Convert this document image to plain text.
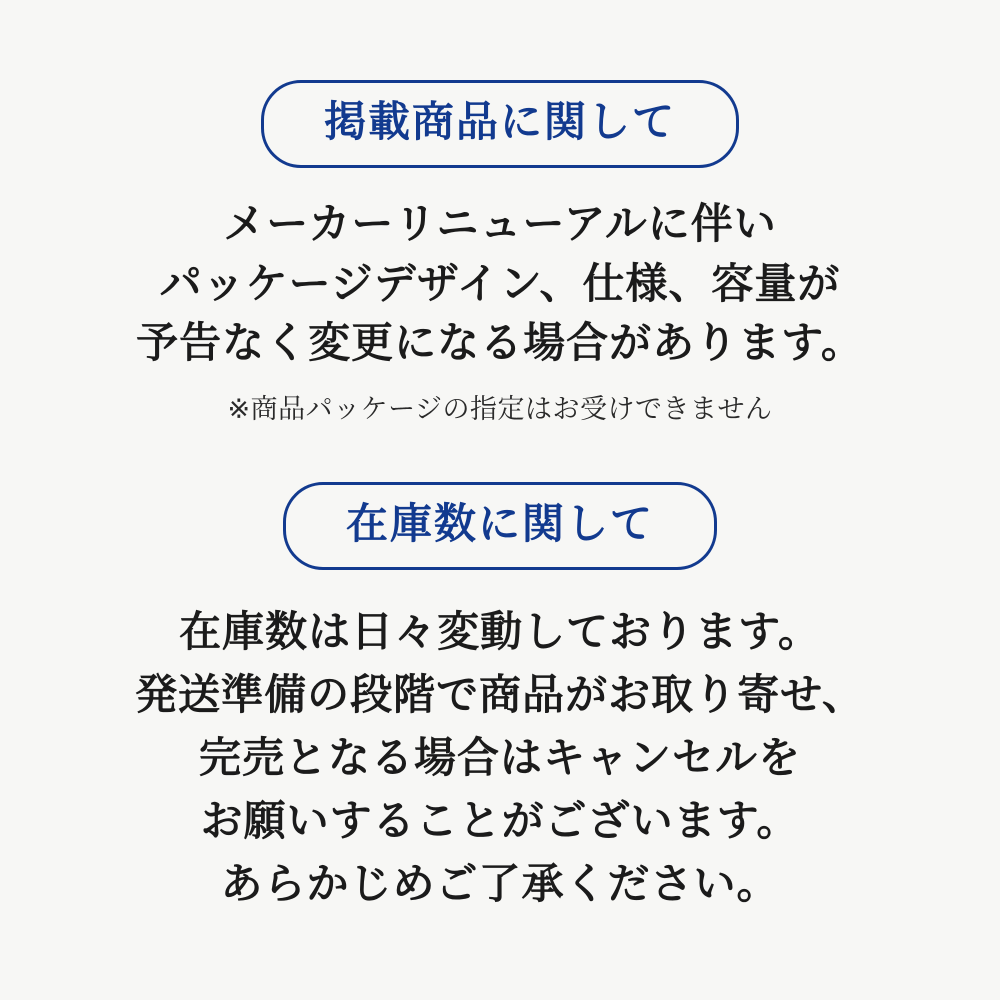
掲載商品に関して
メーカーリニューアルに伴い
パッケージデザイン、仕様、容量が
予告なく変更になる場合があります。
※商品パッケージの指定はお受けできません
在庫数に関して
在庫数は日々変動しております。
発送準備の段階で商品がお取り寄せ、
完売となる場合はキャンセルを
お願いすることがございます。
あらかじめご了承ください。
